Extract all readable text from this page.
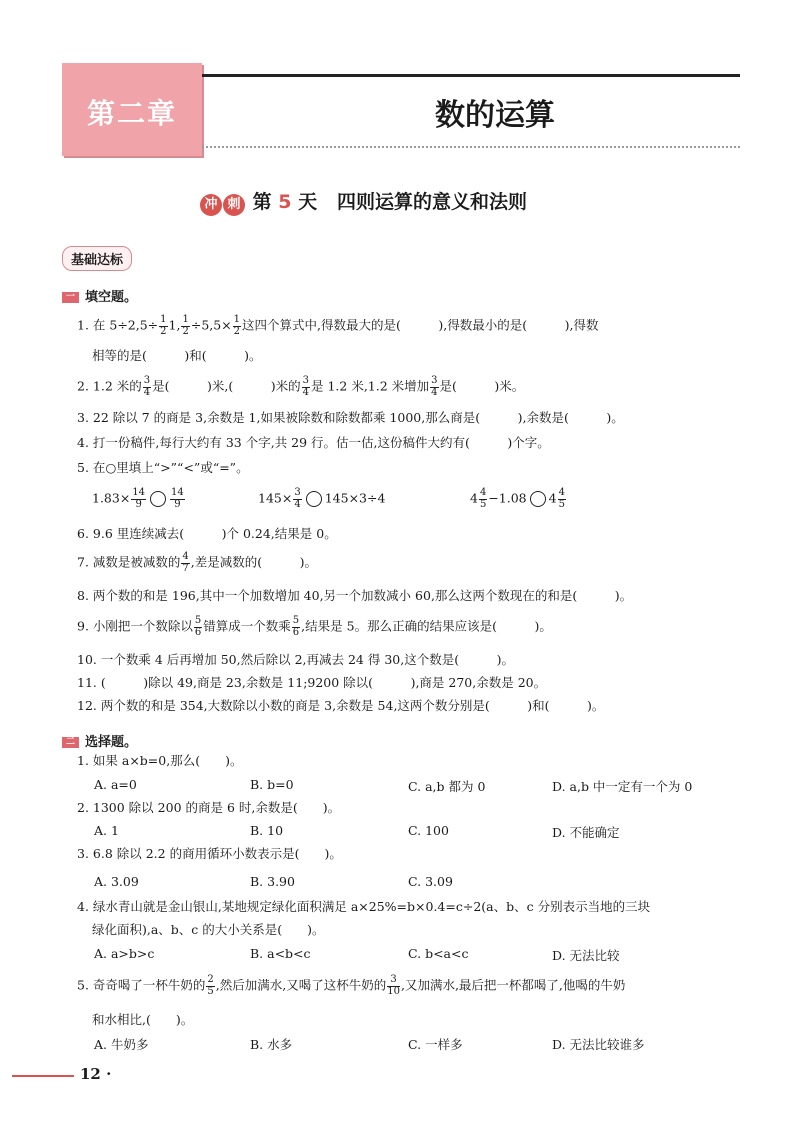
第二章	数的运算
冲 刺 第 5 天 四则运算的意义和法则
基础达标
一 填空题。
1. 在 $5\div 2,5\div \frac{1}{2} 1$, $\frac{1}{2} \div 5,5\times \frac{1}{2}$ 这四个算式中,得数最大的是(　　　),得数最小的是(　　　),得数
相等的是(　　　)和(　　　)。
2. 1.2 米的 $\frac{3}{4}$ 是(　　　)米,(　　　)米的 $\frac{3}{4}$ 是 1.2 米,1.2 米增加 $\frac{3}{4}$ 是(　　　)米。
3. 22 除以 7 的商是 3,余数是 1,如果被除数和除数都乘 1000,那么商是(　　　),余数是(　　　)。
4. 打一份稿件,每行大约有 33 个字,共 29 行。估一估,这份稿件大约有(　　　)个字。
5. 在○里填上“>”“<”或“=”。
$1.83\times \frac{14}{9} \frac{14}{9}$	$145\times \frac{3}{4} 145\times 3\div 4$	$4 \frac{4}{5} -1.08$ $4 \frac{4}{5}$
6. 9.6 里连续减去(　　　)个 0.24,结果是 0。
7. 减数是被减数的 $\frac{4}{7}$ ,差是减数的(　　　)。
8. 两个数的和是 196,其中一个加数增加 40,另一个加数减小 60,那么这两个数现在的和是(　　　)。
9. 小刚把一个数除以 $\frac{5}{6}$ 错算成一个数乘 $\frac{5}{6}$ ,结果是 5。那么正确的结果应该是(　　　)。
10. 一个数乘 4 后再增加 50,然后除以 2,再减去 24 得 30,这个数是(　　　)。
11. (　　　)除以 49,商是 23,余数是 11;9200 除以(　　　),商是 270,余数是 20。
12. 两个数的和是 354,大数除以小数的商是 3,余数是 54,这两个数分别是(　　　)和(　　　)。
二 选择题。
1. 如果 a×b=0,那么(　　)。
A. a=0	B. b=0	C. a,b 都为 0	D. a,b 中一定有一个为 0
2. 1300 除以 200 的商是 6 时,余数是(　　)。
A. 1	B. 10	C. 100	D. 不能确定
3. 6.8 除以 2.2 的商用循环小数表示是(　　)。
A. 3.09	B. 3.90	C. 3.09
4. 绿水青山就是金山银山,某地规定绿化面积满足 a×25%=b×0.4=c÷2(a、b、c 分别表示当地的三块
绿化面积),a、b、c 的大小关系是(　　)。
A. a>b>c	B. a<b<c	C. b<a<c	D. 无法比较
5. 奇奇喝了一杯牛奶的 $\frac{2}{5}$ ,然后加满水,又喝了这杯牛奶的 $\frac{3}{10}$ ,又加满水,最后把一杯都喝了,他喝的牛奶
和水相比,(　　)。
A. 牛奶多	B. 水多	C. 一样多	D. 无法比较谁多
12 ·
